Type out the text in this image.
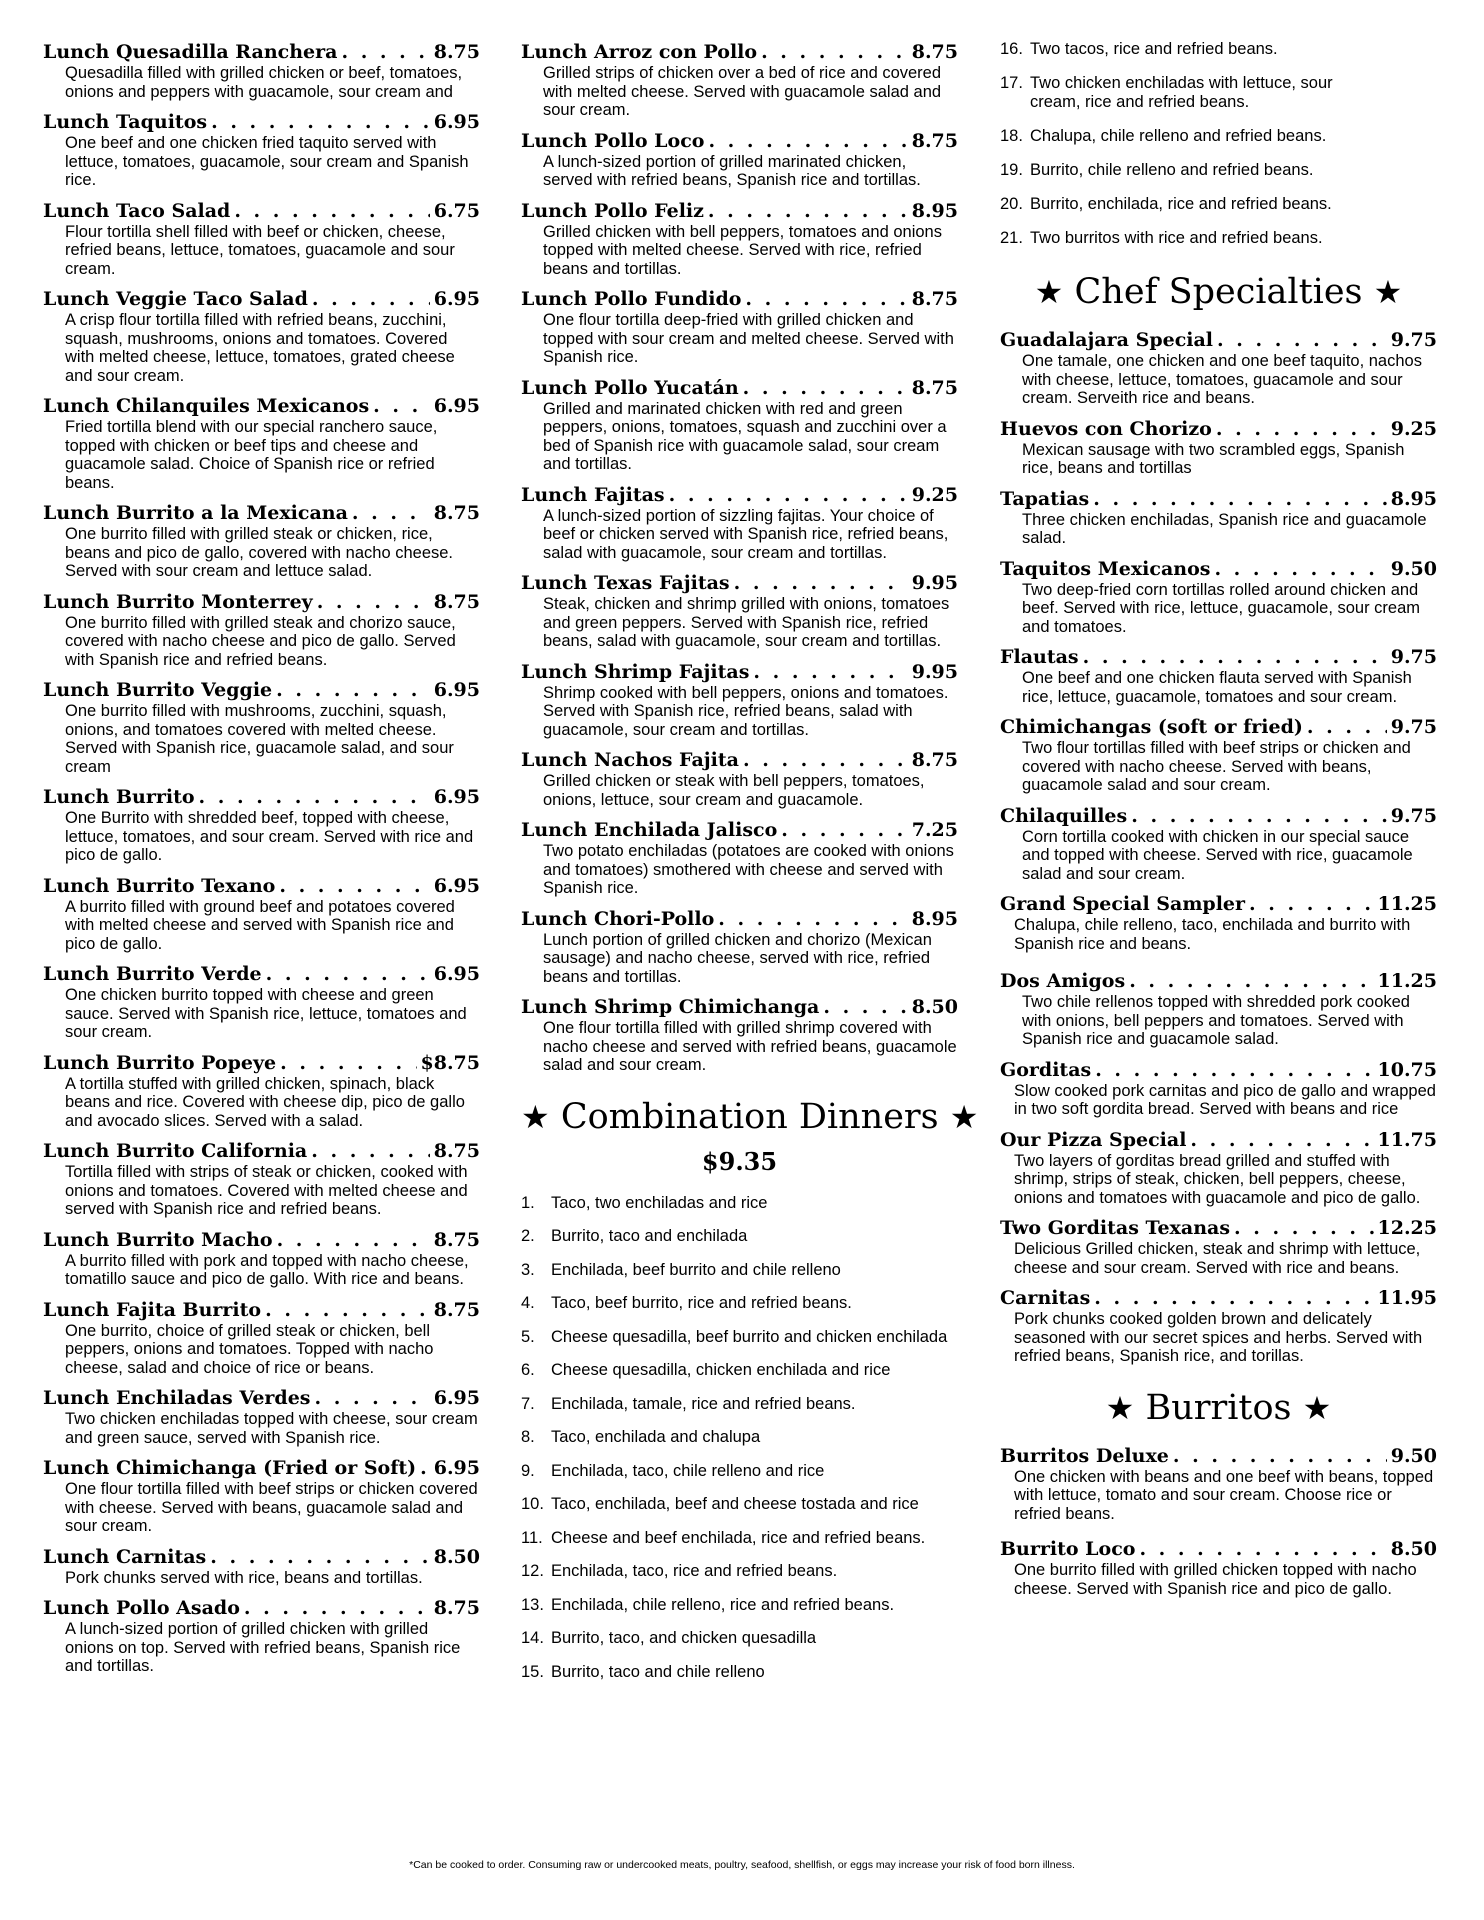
Lunch Quesadilla Ranchera . . .	8.75
Quesadilla filled with grilled chicken or beef, tomatoes, onions and peppers with guacamole, sour cream and
Lunch Taquitos . . .	6.95
One beef and one chicken fried taquito served with lettuce, tomatoes, guacamole, sour cream and Spanish rice.
Lunch Taco Salad . . .	6.75
Flour tortilla shell filled with beef or chicken, cheese, refried beans, lettuce, tomatoes, guacamole and sour cream.
Lunch Veggie Taco Salad . . .	6.95
A crisp flour tortilla filled with refried beans, zucchini, squash, mushrooms, onions and tomatoes. Covered with melted cheese, lettuce, tomatoes, grated cheese and sour cream.
Lunch Chilanquiles Mexicanos . . .	6.95
Fried tortilla blend with our special ranchero sauce, topped with chicken or beef tips and cheese and guacamole salad. Choice of Spanish rice or refried beans.
Lunch Burrito a la Mexicana . . .	8.75
One burrito filled with grilled steak or chicken, rice, beans and pico de gallo, covered with nacho cheese. Served with sour cream and lettuce salad.
Lunch Burrito Monterrey . . .	8.75
One burrito filled with grilled steak and chorizo sauce, covered with nacho cheese and pico de gallo. Served with Spanish rice and refried beans.
Lunch Burrito Veggie . . .	6.95
One burrito filled with mushrooms, zucchini, squash, onions, and tomatoes covered with melted cheese. Served with Spanish rice, guacamole salad, and sour cream
Lunch Burrito . . .	6.95
One Burrito with shredded beef, topped with cheese, lettuce, tomatoes, and sour cream. Served with rice and pico de gallo.
Lunch Burrito Texano . . .	6.95
A burrito filled with ground beef and potatoes covered with melted cheese and served with Spanish rice and pico de gallo.
Lunch Burrito Verde . . .	6.95
One chicken burrito topped with cheese and green sauce. Served with Spanish rice, lettuce, tomatoes and sour cream.
Lunch Burrito Popeye . . .	$8.75
A tortilla stuffed with grilled chicken, spinach, black beans and rice. Covered with cheese dip, pico de gallo and avocado slices. Served with a salad.
Lunch Burrito California . . .	8.75
Tortilla filled with strips of steak or chicken, cooked with onions and tomatoes. Covered with melted cheese and served with Spanish rice and refried beans.
Lunch Burrito Macho . . .	8.75
A burrito filled with pork and topped with nacho cheese, tomatillo sauce and pico de gallo. With rice and beans.
Lunch Fajita Burrito . . .	8.75
One burrito, choice of grilled steak or chicken, bell peppers, onions and tomatoes. Topped with nacho cheese, salad and choice of rice or beans.
Lunch Enchiladas Verdes . . .	6.95
Two chicken enchiladas topped with cheese, sour cream and green sauce, served with Spanish rice.
Lunch Chimichanga (Fried or Soft) . . . 6.95
One flour tortilla filled with beef strips or chicken covered with cheese. Served with beans, guacamole salad and sour cream.
Lunch Carnitas . . .	8.50
Pork chunks served with rice, beans and tortillas.
Lunch Pollo Asado . . .	8.75
A lunch-sized portion of grilled chicken with grilled onions on top. Served with refried beans, Spanish rice and tortillas.
Lunch Arroz con Pollo . . .	8.75
Grilled strips of chicken over a bed of rice and covered with melted cheese. Served with guacamole salad and sour cream.
Lunch Pollo Loco . . .	8.75
A lunch-sized portion of grilled marinated chicken, served with refried beans, Spanish rice and tortillas.
Lunch Pollo Feliz . . .	8.95
Grilled chicken with bell peppers, tomatoes and onions topped with melted cheese. Served with rice, refried beans and tortillas.
Lunch Pollo Fundido . . .	8.75
One flour tortilla deep-fried with grilled chicken and topped with sour cream and melted cheese. Served with Spanish rice.
Lunch Pollo Yucatán . . .	8.75
Grilled and marinated chicken with red and green peppers, onions, tomatoes, squash and zucchini over a bed of Spanish rice with guacamole salad, sour cream and tortillas.
Lunch Fajitas . . .	9.25
A lunch-sized portion of sizzling fajitas. Your choice of beef or chicken served with Spanish rice, refried beans, salad with guacamole, sour cream and tortillas.
Lunch Texas Fajitas . . .	9.95
Steak, chicken and shrimp grilled with onions, tomatoes and green peppers. Served with Spanish rice, refried beans, salad with guacamole, sour cream and tortillas.
Lunch Shrimp Fajitas . . .	9.95
Shrimp cooked with bell peppers, onions and tomatoes. Served with Spanish rice, refried beans, salad with guacamole, sour cream and tortillas.
Lunch Nachos Fajita . . .	8.75
Grilled chicken or steak with bell peppers, tomatoes, onions, lettuce, sour cream and guacamole.
Lunch Enchilada Jalisco . . .	7.25
Two potato enchiladas (potatoes are cooked with onions and tomatoes) smothered with cheese and served with Spanish rice.
Lunch Chori-Pollo . . .	8.95
Lunch portion of grilled chicken and chorizo (Mexican sausage) and nacho cheese, served with rice, refried beans and tortillas.
Lunch Shrimp Chimichanga . . .	8.50
One flour tortilla filled with grilled shrimp covered with nacho cheese and served with refried beans, guacamole salad and sour cream.
★ Combination Dinners ★
$9.35
1. Taco, two enchiladas and rice
2. Burrito, taco and enchilada
3. Enchilada, beef burrito and chile relleno
4. Taco, beef burrito, rice and refried beans.
5. Cheese quesadilla, beef burrito and chicken enchilada
6. Cheese quesadilla, chicken enchilada and rice
7. Enchilada, tamale, rice and refried beans.
8. Taco, enchilada and chalupa
9. Enchilada, taco, chile relleno and rice
10. Taco, enchilada, beef and cheese tostada and rice
11. Cheese and beef enchilada, rice and refried beans.
12. Enchilada, taco, rice and refried beans.
13. Enchilada, chile relleno, rice and refried beans.
14. Burrito, taco, and chicken quesadilla
15. Burrito, taco and chile relleno
16. Two tacos, rice and refried beans.
17. Two chicken enchiladas with lettuce, sour cream, rice and refried beans.
18. Chalupa, chile relleno and refried beans.
19. Burrito, chile relleno and refried beans.
20. Burrito, enchilada, rice and refried beans.
21. Two burritos with rice and refried beans.
★ Chef Specialties ★
Guadalajara Special . . .	9.75
One tamale, one chicken and one beef taquito, nachos with cheese, lettuce, tomatoes, guacamole and sour cream. Serveith rice and beans.
Huevos con Chorizo . . .	9.25
Mexican sausage with two scrambled eggs, Spanish rice, beans and tortillas
Tapatias . . .	8.95
Three chicken enchiladas, Spanish rice and guacamole salad.
Taquitos Mexicanos . . .	9.50
Two deep-fried corn tortillas rolled around chicken and beef. Served with rice, lettuce, guacamole, sour cream and tomatoes.
Flautas . . .	9.75
One beef and one chicken flauta served with Spanish rice, lettuce, guacamole, tomatoes and sour cream.
Chimichangas (soft or fried) . . .	9.75
Two flour tortillas filled with beef strips or chicken and covered with nacho cheese. Served with beans, guacamole salad and sour cream.
Chilaquilles . . .	9.75
Corn tortilla cooked with chicken in our special sauce and topped with cheese. Served with rice, guacamole salad and sour cream.
Grand Special Sampler . . .	11.25
Chalupa, chile relleno, taco, enchilada and burrito with Spanish rice and beans.
Dos Amigos . . .	11.25
Two chile rellenos topped with shredded pork cooked with onions, bell peppers and tomatoes. Served with Spanish rice and guacamole salad.
Gorditas . . .	10.75
Slow cooked pork carnitas and pico de gallo and wrapped in two soft gordita bread. Served with beans and rice
Our Pizza Special . . .	11.75
Two layers of gorditas bread grilled and stuffed with shrimp, strips of steak, chicken, bell peppers, cheese, onions and tomatoes with guacamole and pico de gallo.
Two Gorditas Texanas . . .	12.25
Delicious Grilled chicken, steak and shrimp with lettuce, cheese and sour cream. Served with rice and beans.
Carnitas . . .	11.95
Pork chunks cooked golden brown and delicately seasoned with our secret spices and herbs. Served with refried beans, Spanish rice, and torillas.
★ Burritos ★
Burritos Deluxe . . .	9.50
One chicken with beans and one beef with beans, topped with lettuce, tomato and sour cream. Choose rice or refried beans.
Burrito Loco . . .	8.50
One burrito filled with grilled chicken topped with nacho cheese. Served with Spanish rice and pico de gallo.
*Can be cooked to order. Consuming raw or undercooked meats, poultry, seafood, shellfish, or eggs may increase your risk of food born illness.
